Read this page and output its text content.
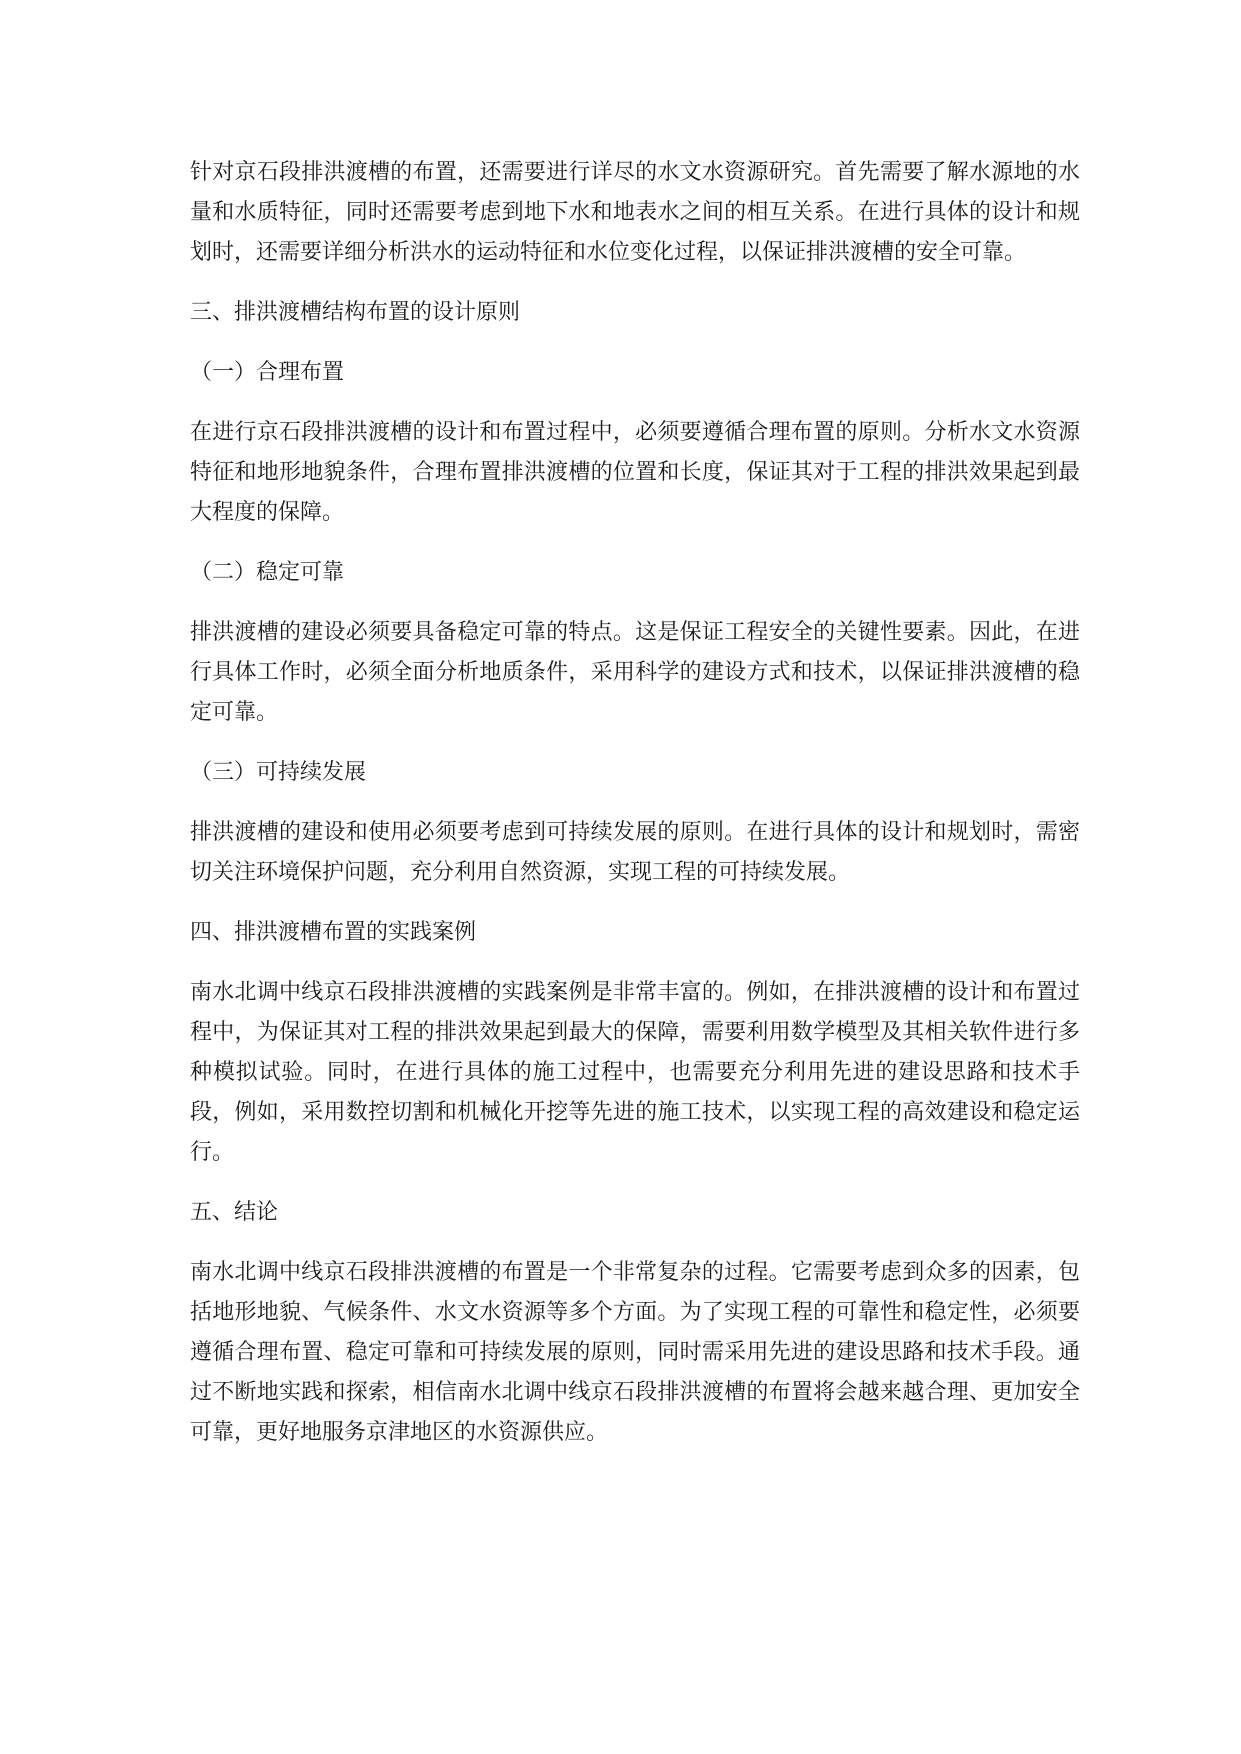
针对京石段排洪渡槽的布置，还需要进行详尽的水文水资源研究。首先需要了解水源地的水量和水质特征，同时还需要考虑到地下水和地表水之间的相互关系。在进行具体的设计和规划时，还需要详细分析洪水的运动特征和水位变化过程，以保证排洪渡槽的安全可靠。

三、排洪渡槽结构布置的设计原则
（一）合理布置

在进行京石段排洪渡槽的设计和布置过程中，必须要遵循合理布置的原则。分析水文水资源特征和地形地貌条件，合理布置排洪渡槽的位置和长度，保证其对于工程的排洪效果起到最大程度的保障。

（二）稳定可靠

排洪渡槽的建设必须要具备稳定可靠的特点。这是保证工程安全的关键性要素。因此，在进行具体工作时，必须全面分析地质条件，采用科学的建设方式和技术，以保证排洪渡槽的稳定可靠。

（三）可持续发展

排洪渡槽的建设和使用必须要考虑到可持续发展的原则。在进行具体的设计和规划时，需密切关注环境保护问题，充分利用自然资源，实现工程的可持续发展。

四、排洪渡槽布置的实践案例

南水北调中线京石段排洪渡槽的实践案例是非常丰富的。例如，在排洪渡槽的设计和布置过程中，为保证其对工程的排洪效果起到最大的保障，需要利用数学模型及其相关软件进行多种模拟试验。同时，在进行具体的施工过程中，也需要充分利用先进的建设思路和技术手段，例如，采用数控切割和机械化开挖等先进的施工技术，以实现工程的高效建设和稳定运行。

五、结论

南水北调中线京石段排洪渡槽的布置是一个非常复杂的过程。它需要考虑到众多的因素，包括地形地貌、气候条件、水文水资源等多个方面。为了实现工程的可靠性和稳定性，必须要遵循合理布置、稳定可靠和可持续发展的原则，同时需采用先进的建设思路和技术手段。通过不断地实践和探索，相信南水北调中线京石段排洪渡槽的布置将会越来越合理、更加安全可靠，更好地服务京津地区的水资源供应。
